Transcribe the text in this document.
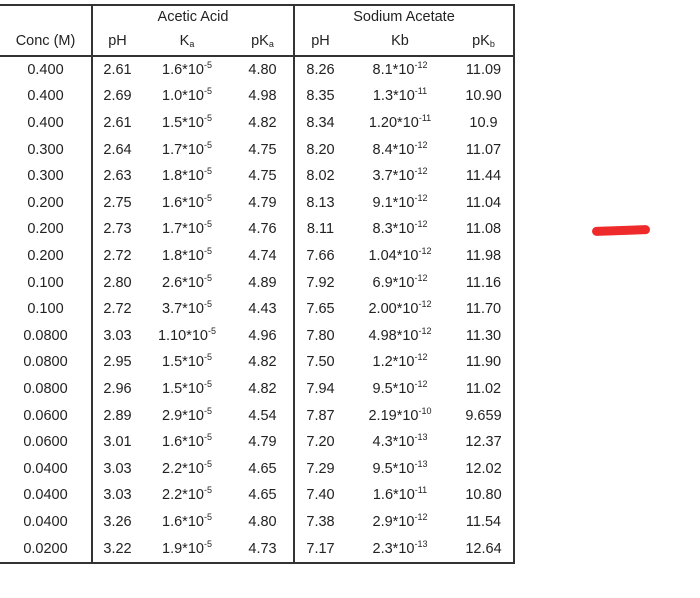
	Acetic Acid			Sodium Acetate		
Conc (M)	pH	$K_a$	$pK_a$	pH	Kb	$pK_b$
0.400	2.61	$1.6*10^{-5}$	4.80	8.26	$8.1*10^{-12}$	11.09
0.400	2.69	$1.0*10^{-5}$	4.98	8.35	$1.3*10^{-11}$	10.90
0.400	2.61	$1.5*10^{-5}$	4.82	8.34	$1.20*10^{-11}$	10.9
0.300	2.64	$1.7*10^{-5}$	4.75	8.20	$8.4*10^{-12}$	11.07
0.300	2.63	$1.8*10^{-5}$	4.75	8.02	$3.7*10^{-12}$	11.44
0.200	2.75	$1.6*10^{-5}$	4.79	8.13	$9.1*10^{-12}$	11.04
0.200	2.73	$1.7*10^{-5}$	4.76	8.11	$8.3*10^{-12}$	11.08
0.200	2.72	$1.8*10^{-5}$	4.74	7.66	$1.04*10^{-12}$	11.98
0.100	2.80	$2.6*10^{-5}$	4.89	7.92	$6.9*10^{-12}$	11.16
0.100	2.72	$3.7*10^{-5}$	4.43	7.65	$2.00*10^{-12}$	11.70
0.0800	3.03	$1.10*10^{-5}$	4.96	7.80	$4.98*10^{-12}$	11.30
0.0800	2.95	$1.5*10^{-5}$	4.82	7.50	$1.2*10^{-12}$	11.90
0.0800	2.96	$1.5*10^{-5}$	4.82	7.94	$9.5*10^{-12}$	11.02
0.0600	2.89	$2.9*10^{-5}$	4.54	7.87	$2.19*10^{-10}$	9.659
0.0600	3.01	$1.6*10^{-5}$	4.79	7.20	$4.3*10^{-13}$	12.37
0.0400	3.03	$2.2*10^{-5}$	4.65	7.29	$9.5*10^{-13}$	12.02
0.0400	3.03	$2.2*10^{-5}$	4.65	7.40	$1.6*10^{-11}$	10.80
0.0400	3.26	$1.6*10^{-5}$	4.80	7.38	$2.9*10^{-12}$	11.54
0.0200	3.22	$1.9*10^{-5}$	4.73	7.17	$2.3*10^{-13}$	12.64
